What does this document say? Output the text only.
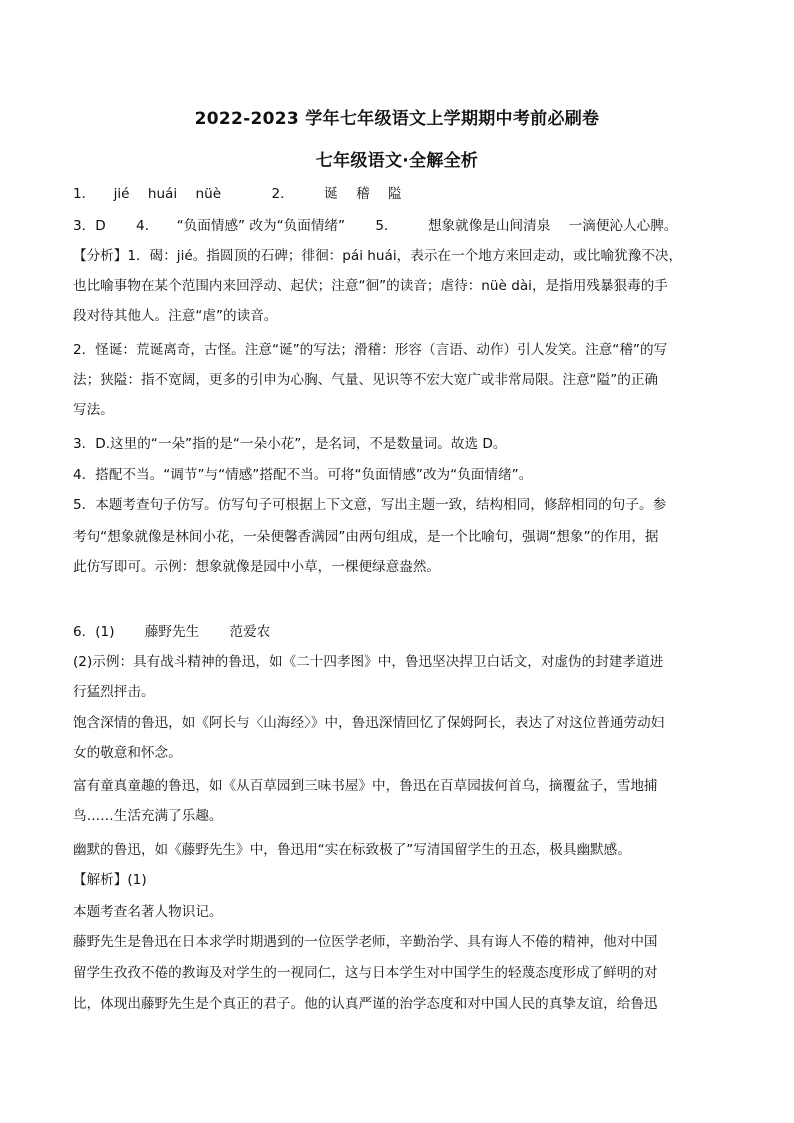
2022-2023 学年七年级语文上学期期中考前必刷卷
七年级语文·全解全析
1． jié huái nüè	2． 诞 稽 隘
3．D 4． “负面情感” 改为“负面情绪” 5． 想象就像是山间清泉 一滴便沁人心脾。
【分析】1．碣：jié。指圆顶的石碑；徘徊：pái huái，表示在一个地方来回走动，或比喻犹豫不决，
也比喻事物在某个范围内来回浮动、起伏；注意“徊”的读音；虐待：nüè dài，是指用残暴狠毒的手
段对待其他人。注意“虐”的读音。
2．怪诞：荒诞离奇，古怪。注意“诞”的写法；滑稽：形容（言语、动作）引人发笑。注意“稽”的写
法；狭隘：指不宽阔，更多的引申为心胸、气量、见识等不宏大宽广或非常局限。注意“隘”的正确
写法。
3．D.这里的“一朵”指的是“一朵小花”，是名词，不是数量词。故选 D。
4．搭配不当。“调节”与“情感”搭配不当。可将“负面情感”改为“负面情绪”。
5．本题考查句子仿写。仿写句子可根据上下文意，写出主题一致，结构相同，修辞相同的句子。参
考句“想象就像是林间小花，一朵便馨香满园”由两句组成，是一个比喻句，强调“想象”的作用，据
此仿写即可。示例：想象就像是园中小草，一棵便绿意盎然。
6．(1) 藤野先生 范爱农
(2)示例：具有战斗精神的鲁迅，如《二十四孝图》中，鲁迅坚决捍卫白话文，对虚伪的封建孝道进
行猛烈抨击。
饱含深情的鲁迅，如《阿长与〈山海经〉》中，鲁迅深情回忆了保姆阿长，表达了对这位普通劳动妇
女的敬意和怀念。
富有童真童趣的鲁迅，如《从百草园到三味书屋》中，鲁迅在百草园拔何首乌，摘覆盆子，雪地捕
鸟……生活充满了乐趣。
幽默的鲁迅，如《藤野先生》中，鲁迅用“实在标致极了”写清国留学生的丑态，极具幽默感。
【解析】(1)
本题考查名著人物识记。
藤野先生是鲁迅在日本求学时期遇到的一位医学老师，辛勤治学、具有诲人不倦的精神，他对中国
留学生孜孜不倦的教诲及对学生的一视同仁，这与日本学生对中国学生的轻蔑态度形成了鲜明的对
比，体现出藤野先生是个真正的君子。他的认真严谨的治学态度和对中国人民的真挚友谊，给鲁迅
